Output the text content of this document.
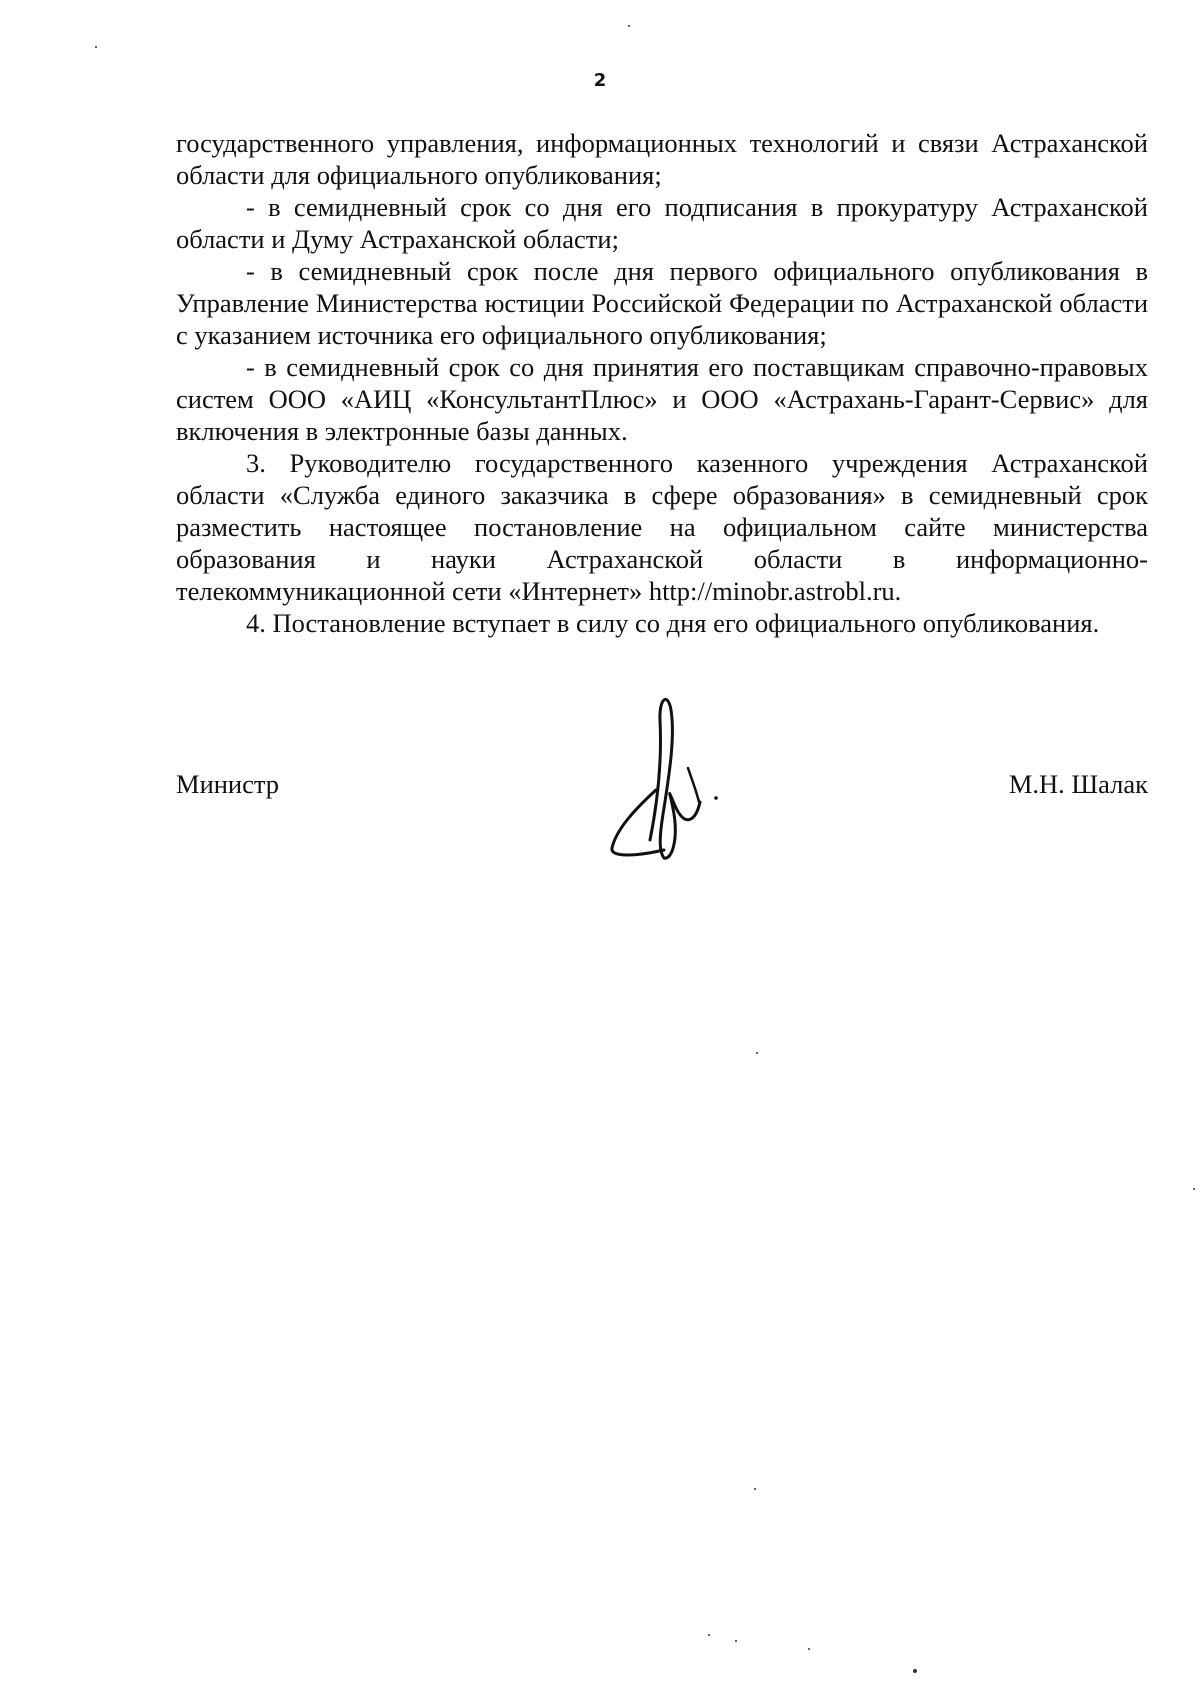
2

государственного управления, информационных технологий и связи Астраханской области для официального опубликования;

- в семидневный срок со дня его подписания в прокуратуру Астраханской области и Думу Астраханской области;

- в семидневный срок после дня первого официального опубликования в Управление Министерства юстиции Российской Федерации по Астраханской области с указанием источника его официального опубликования;

- в семидневный срок со дня принятия его поставщикам справочно-правовых систем ООО «АИЦ «КонсультантПлюс» и ООО «Астрахань-Гарант-Сервис» для включения в электронные базы данных.

3. Руководителю государственного казенного учреждения Астраханской области «Служба единого заказчика в сфере образования» в семидневный срок разместить настоящее постановление на официальном сайте министерства образования и науки Астраханской области в информационно-телекоммуникационной сети «Интернет» http://minobr.astrobl.ru.

4. Постановление вступает в силу со дня его официального опубликования.

Министр	М.Н. Шалак
